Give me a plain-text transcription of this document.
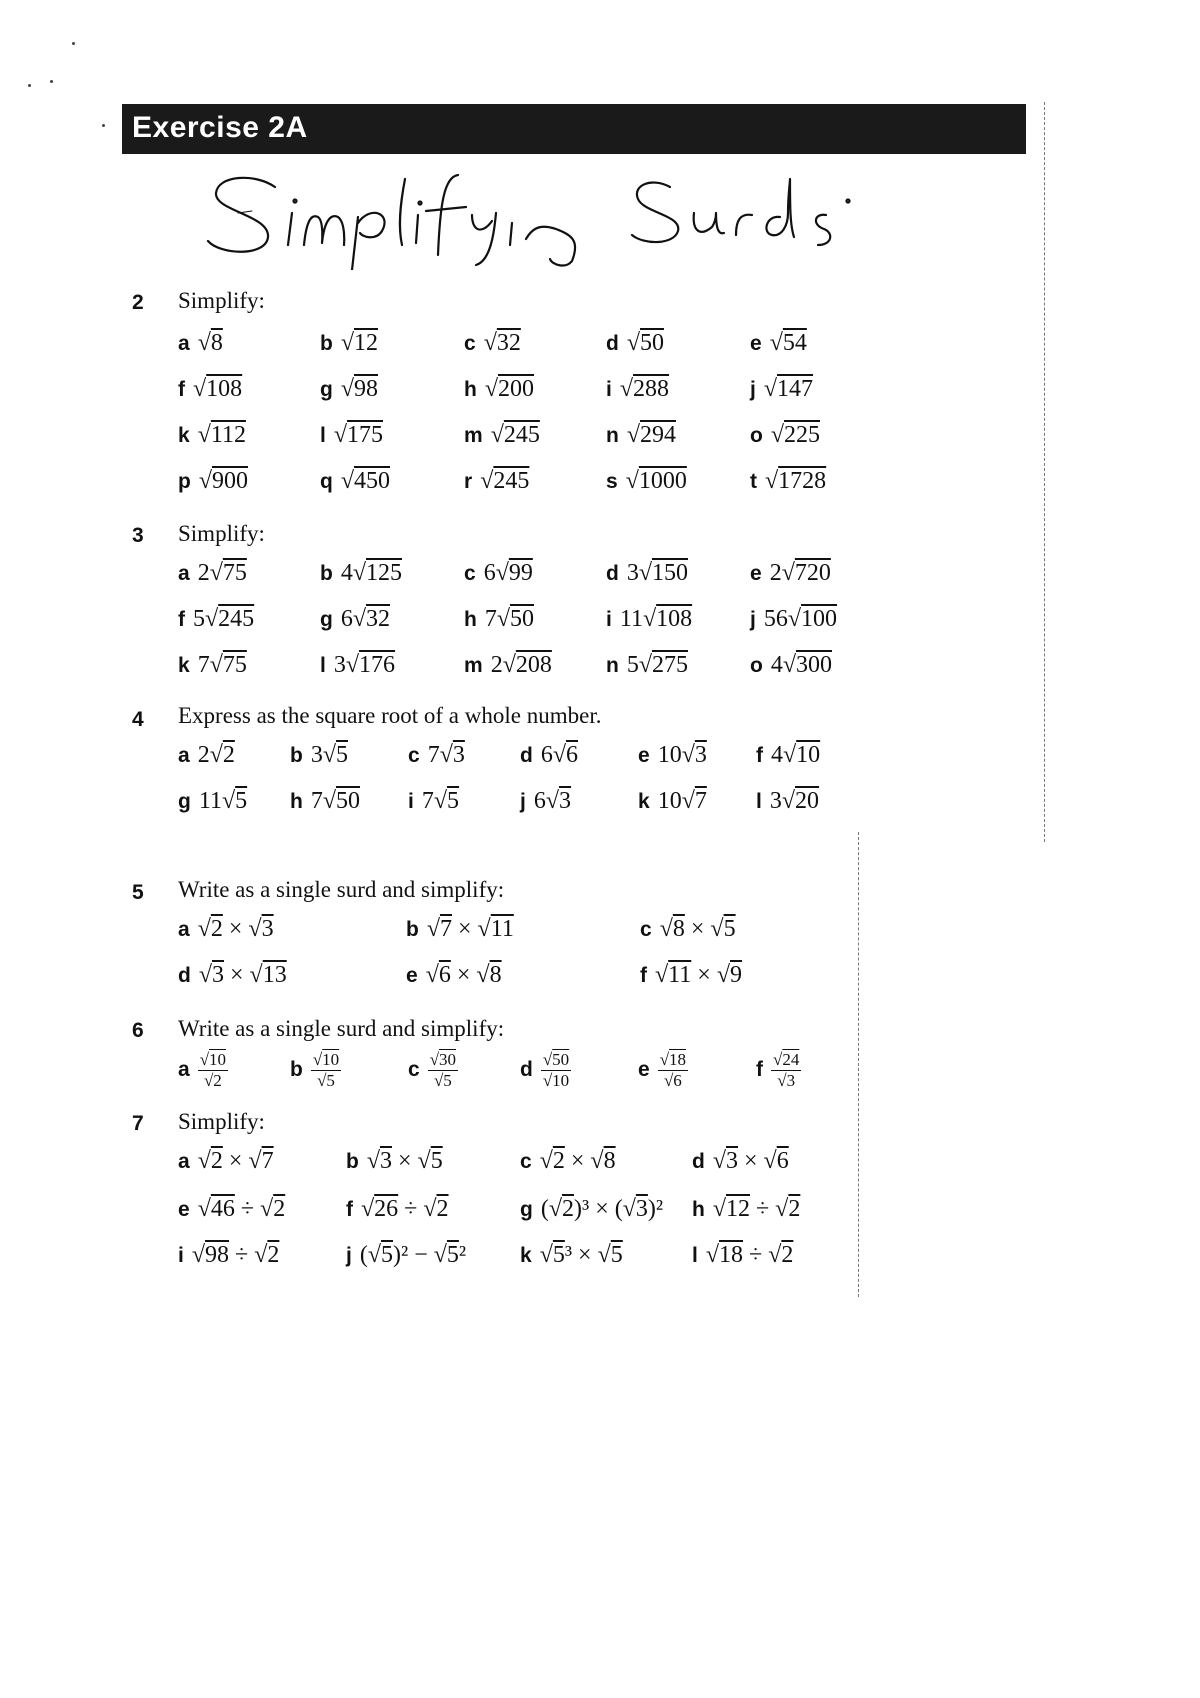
Exercise 2A
2 Simplify:
a √8	b √12	c √32	d √50	e √54
f √108	g √98	h √200	i √288	j √147
k √112	l √175	m √245	n √294	o √225
p √900	q √450	r √245	s √1000	t √1728
3 Simplify:
a 2√75	b 4√125	c 6√99	d 3√150	e 2√720
f 5√245	g 6√32	h 7√50	i 11√108	j 56√100
k 7√75	l 3√176	m 2√208	n 5√275	o 4√300
4 Express as the square root of a whole number.
a 2√2	b 3√5	c 7√3	d 6√6	e 10√3 f 4√10
g 11√5 h 7√50 i 7√5	j 6√3	k 10√7 l 3√20
5 Write as a single surd and simplify:
a √2 × √3	b √7 × √11	c √8 × √5
d √3 × √13	e √6 × √8	f √11 × √9
6 Write as a single surd and simplify:
a $\frac{√10}{√2}$	b $\frac{√10}{√5}$	c $\frac{√30}{√5}$	d $\frac{√50}{√10}$	e $\frac{√18}{√6}$	f $\frac{√24}{√3}$
7 Simplify:
a √2 × √7	b √3 × √5	c √2 × √8	d √3 × √6
e √46 ÷ √2	f √26 ÷ √2	g (√2)³ × (√3)² h √12 ÷ √2
i √98 ÷ √2	j (√5)² − √5²	k √5³ × √5	l √18 ÷ √2
